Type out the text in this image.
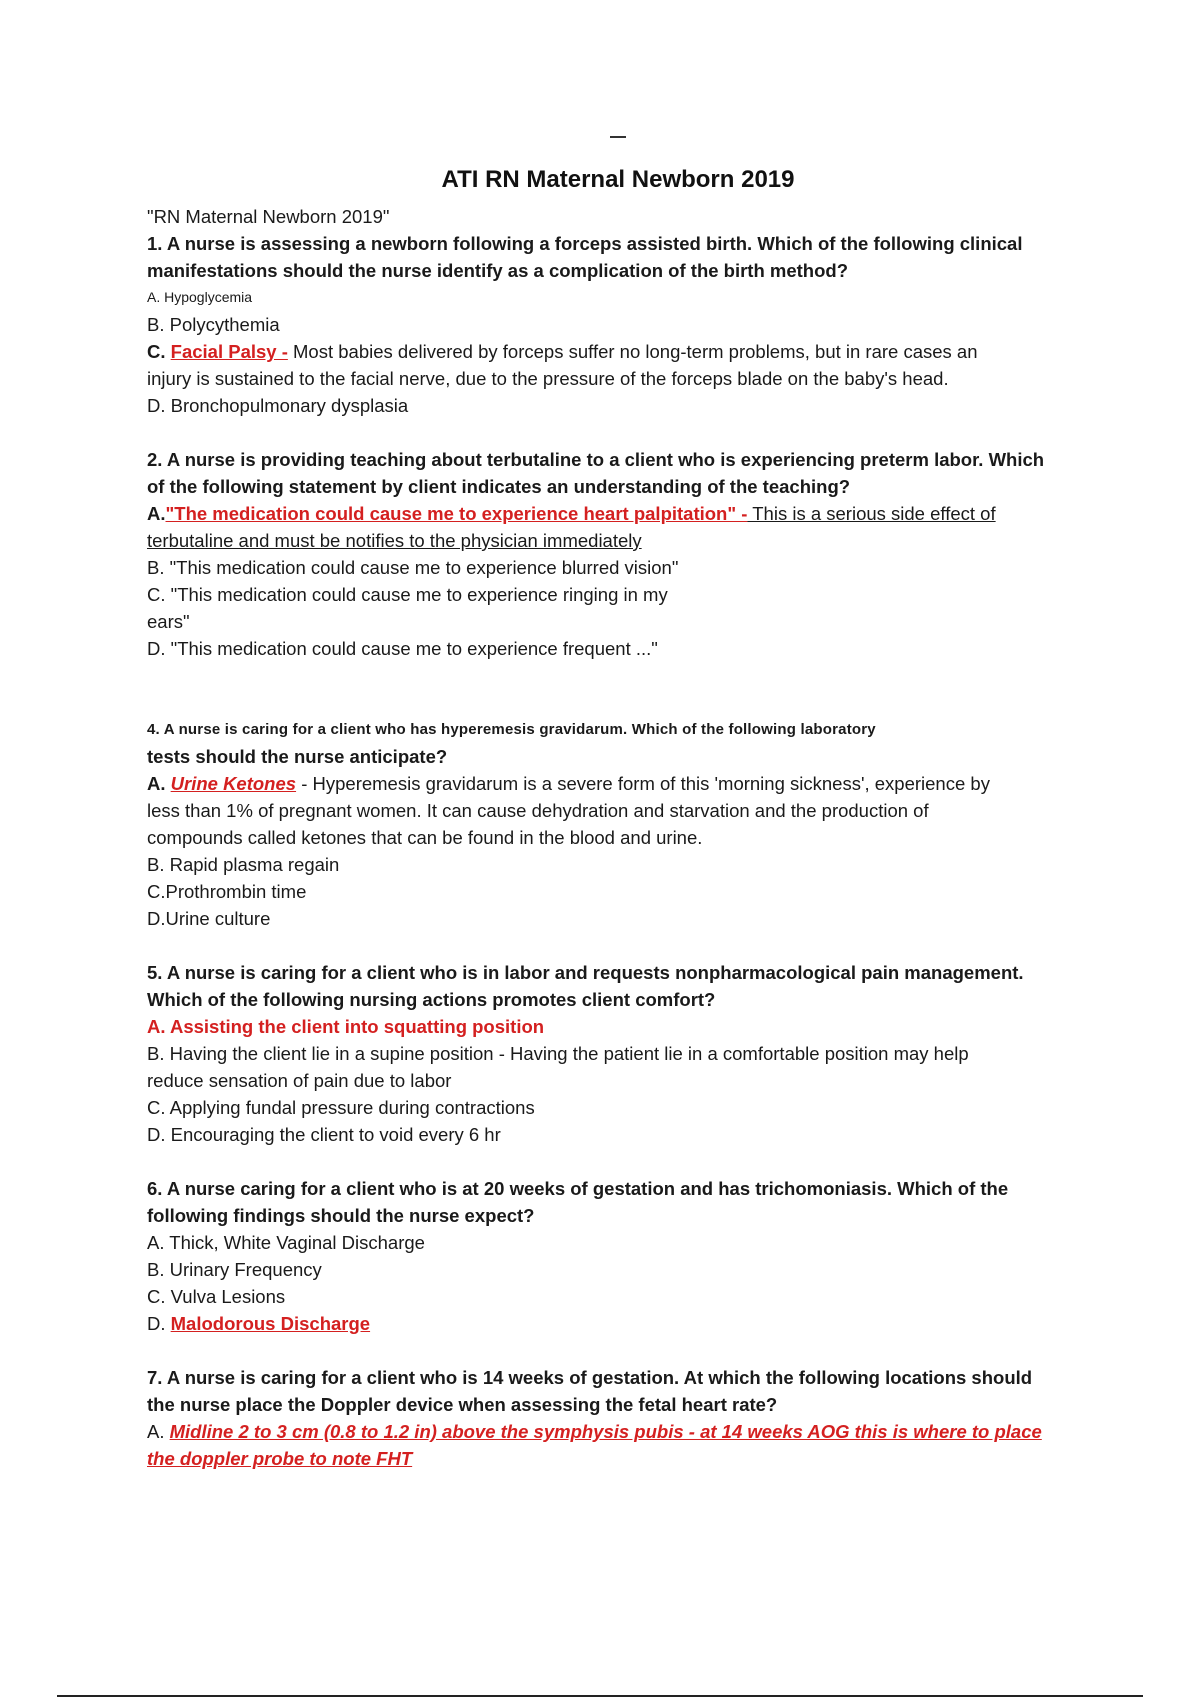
ATI RN Maternal Newborn 2019

"RN Maternal Newborn 2019"

1. A nurse is assessing a newborn following a forceps assisted birth. Which of the following clinical

manifestations should the nurse identify as a complication of the birth method?

A. Hypoglycemia

B. Polycythemia

C. Facial Palsy - Most babies delivered by forceps suffer no long-term problems, but in rare cases an

injury is sustained to the facial nerve, due to the pressure of the forceps blade on the baby's head.

D. Bronchopulmonary dysplasia

2. A nurse is providing teaching about terbutaline to a client who is experiencing preterm labor. Which

of the following statement by client indicates an understanding of the teaching?

A."The medication could cause me to experience heart palpitation" - This is a serious side effect of

terbutaline and must be notifies to the physician immediately

B. "This medication could cause me to experience blurred vision"

C. "This medication could cause me to experience ringing in my

ears"

D. "This medication could cause me to experience frequent ..."

4. A nurse is caring for a client who has hyperemesis gravidarum. Which of the following laboratory

tests should the nurse anticipate?

A. Urine Ketones - Hyperemesis gravidarum is a severe form of this 'morning sickness', experience by

less than 1% of pregnant women. It can cause dehydration and starvation and the production of

compounds called ketones that can be found in the blood and urine.

B. Rapid plasma regain

C.Prothrombin time

D.Urine culture

5. A nurse is caring for a client who is in labor and requests nonpharmacological pain management.

Which of the following nursing actions promotes client comfort?

A. Assisting the client into squatting position

B. Having the client lie in a supine position - Having the patient lie in a comfortable position may help

reduce sensation of pain due to labor

C. Applying fundal pressure during contractions

D. Encouraging the client to void every 6 hr

6. A nurse caring for a client who is at 20 weeks of gestation and has trichomoniasis. Which of the

following findings should the nurse expect?

A. Thick, White Vaginal Discharge

B. Urinary Frequency

C. Vulva Lesions

D. Malodorous Discharge

7. A nurse is caring for a client who is 14 weeks of gestation. At which the following locations should

the nurse place the Doppler device when assessing the fetal heart rate?

A. Midline 2 to 3 cm (0.8 to 1.2 in) above the symphysis pubis - at 14 weeks AOG this is where to place

the doppler probe to note FHT
